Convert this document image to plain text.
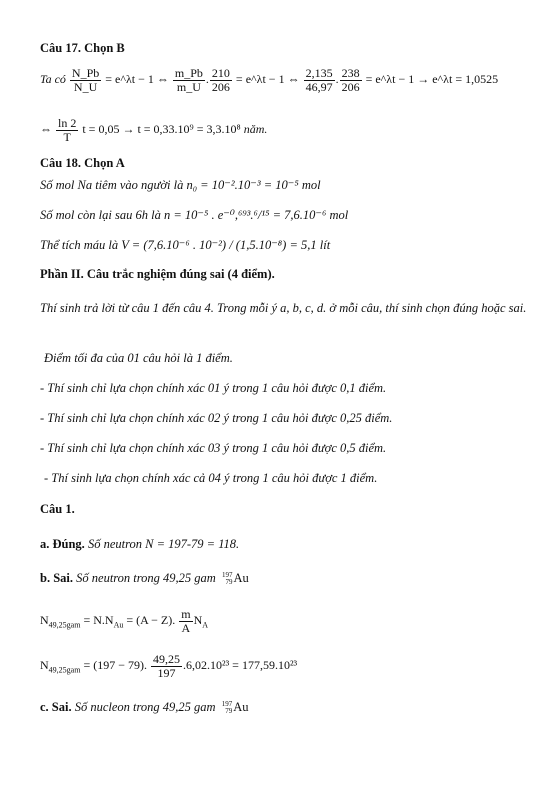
Câu 17. Chọn B
Ta có $\frac{N\_Pb}{N\_U}$ = e^λt − 1 ⇔ $\frac{m\_Pb}{m\_U}$ . $\frac{210}{206}$ = e^λt − 1 ⇔ $\frac{2,135}{46,97}$ . $\frac{238}{206}$ = e^λt − 1 → e^λt = 1,0525
⇔ $\frac{\ln 2}{T}$ t = 0,05 → t = 0,33.10⁹ = 3,3.10⁸ năm.
Câu 18. Chọn A
Số mol Na tiêm vào người là n₀ = 10⁻².10⁻³ = 10⁻⁵ mol
Số mol còn lại sau 6h là n = 10⁻⁵ . e⁻⁰,⁶⁹³.⁶/¹⁵ = 7,6.10⁻⁶ mol
Thể tích máu là V = (7,6.10⁻⁶ . 10⁻²) / (1,5.10⁻⁸) = 5,1 lít
Phần II. Câu trắc nghiệm đúng sai (4 điểm).
Thí sinh trả lời từ câu 1 đến câu 4. Trong mỗi ý a, b, c, d. ở mỗi câu, thí sinh chọn đúng hoặc sai.
Điểm tối đa của 01 câu hỏi là 1 điểm.
- Thí sinh chỉ lựa chọn chính xác 01 ý trong 1 câu hỏi được 0,1 điểm.
- Thí sinh chỉ lựa chọn chính xác 02 ý trong 1 câu hỏi được 0,25 điểm.
- Thí sinh chỉ lựa chọn chính xác 03 ý trong 1 câu hỏi được 0,5 điểm.
- Thí sinh lựa chọn chính xác cả 04 ý trong 1 câu hỏi được 1 điểm.
Câu 1.
a. Đúng. Số neutron N = 197-79 = 118.
b. Sai. Số neutron trong 49,25 gam 197
79 Au
$N_{49,25gam} = N.N_{Au} = (A - Z)$. $\frac{m}{A} N_A$
$N_{49,25gam} = (197 - 79)$. $\frac{49,25}{197} .6,02.10^{23} = 177,59.10^{23}$
c. Sai. Số nucleon trong 49,25 gam 197
79 Au
